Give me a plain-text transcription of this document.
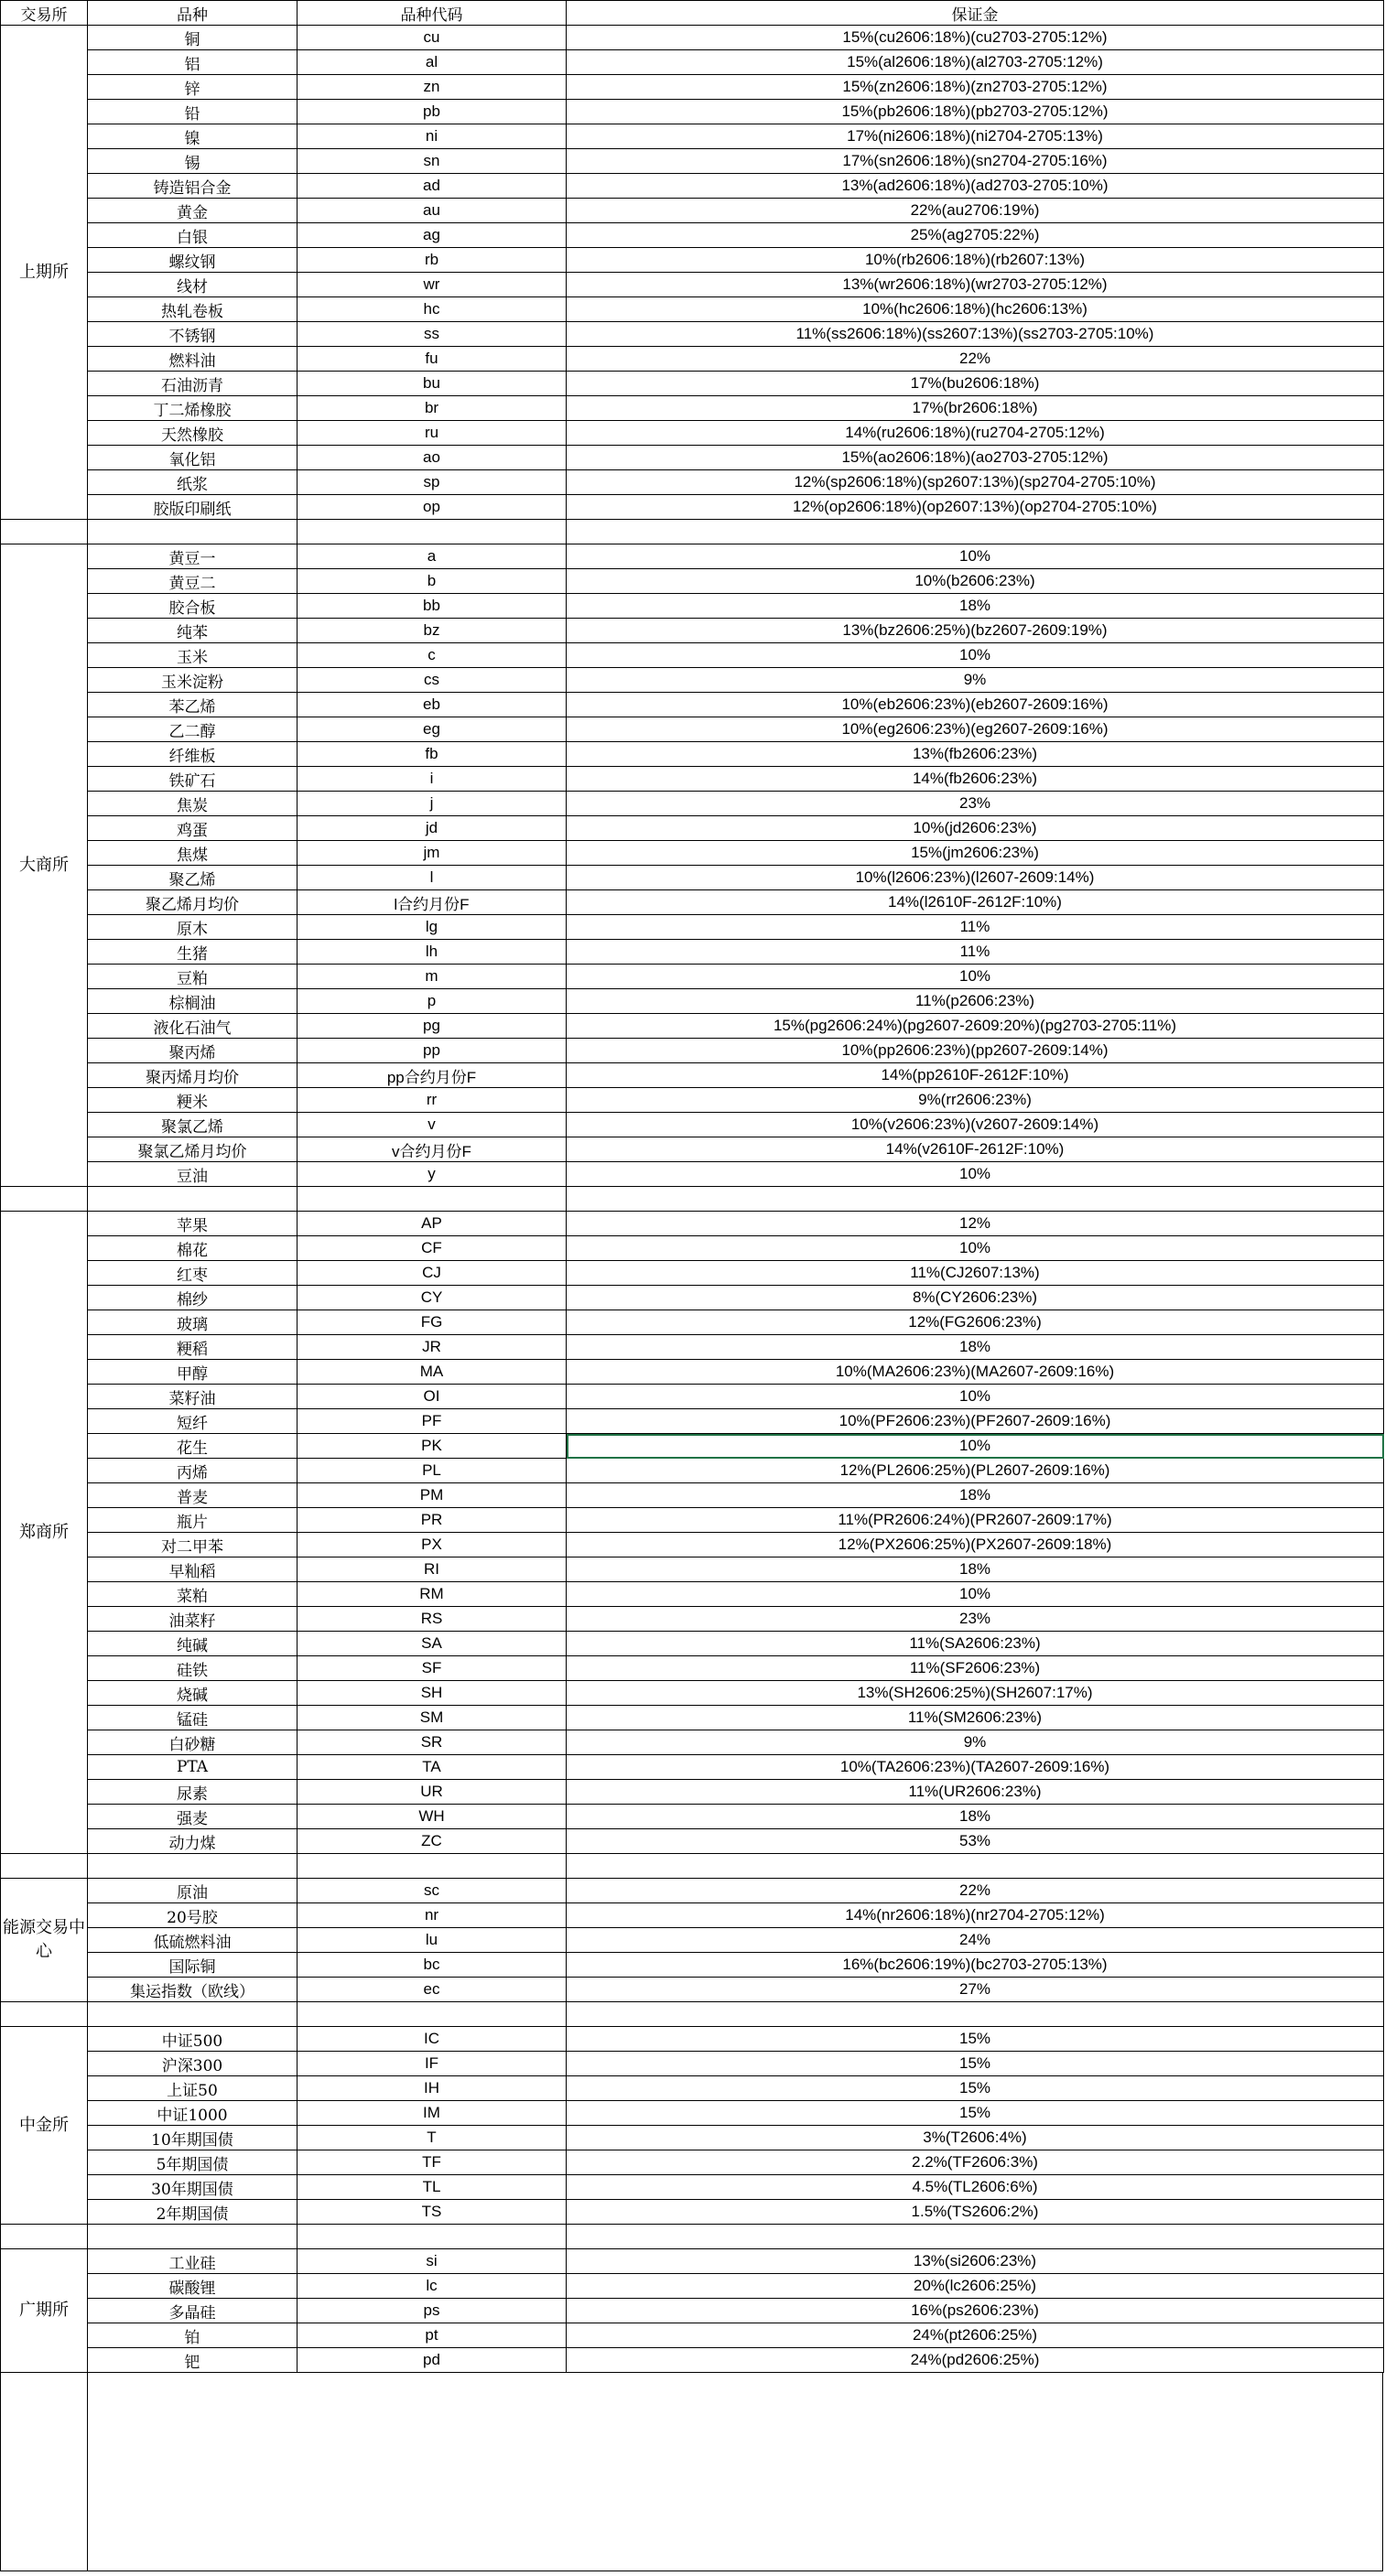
交易所	品种	品种代码	保证金
上期所	铜	cu	15%(cu2606:18%)(cu2703-2705:12%)
	铝	al	15%(al2606:18%)(al2703-2705:12%)
	锌	zn	15%(zn2606:18%)(zn2703-2705:12%)
	铅	pb	15%(pb2606:18%)(pb2703-2705:12%)
	镍	ni	17%(ni2606:18%)(ni2704-2705:13%)
	锡	sn	17%(sn2606:18%)(sn2704-2705:16%)
	铸造铝合金	ad	13%(ad2606:18%)(ad2703-2705:10%)
	黄金	au	22%(au2706:19%)
	白银	ag	25%(ag2705:22%)
	螺纹钢	rb	10%(rb2606:18%)(rb2607:13%)
	线材	wr	13%(wr2606:18%)(wr2703-2705:12%)
	热轧卷板	hc	10%(hc2606:18%)(hc2606:13%)
	不锈钢	ss	11%(ss2606:18%)(ss2607:13%)(ss2703-2705:10%)
	燃料油	fu	22%
	石油沥青	bu	17%(bu2606:18%)
	丁二烯橡胶	br	17%(br2606:18%)
	天然橡胶	ru	14%(ru2606:18%)(ru2704-2705:12%)
	氧化铝	ao	15%(ao2606:18%)(ao2703-2705:12%)
	纸浆	sp	12%(sp2606:18%)(sp2607:13%)(sp2704-2705:10%)
	胶版印刷纸	op	12%(op2606:18%)(op2607:13%)(op2704-2705:10%)

大商所	黄豆一	a	10%
	黄豆二	b	10%(b2606:23%)
	胶合板	bb	18%
	纯苯	bz	13%(bz2606:25%)(bz2607-2609:19%)
	玉米	c	10%
	玉米淀粉	cs	9%
	苯乙烯	eb	10%(eb2606:23%)(eb2607-2609:16%)
	乙二醇	eg	10%(eg2606:23%)(eg2607-2609:16%)
	纤维板	fb	13%(fb2606:23%)
	铁矿石	i	14%(fb2606:23%)
	焦炭	j	23%
	鸡蛋	jd	10%(jd2606:23%)
	焦煤	jm	15%(jm2606:23%)
	聚乙烯	l	10%(l2606:23%)(l2607-2609:14%)
	聚乙烯月均价	l合约月份F	14%(l2610F-2612F:10%)
	原木	lg	11%
	生猪	lh	11%
	豆粕	m	10%
	棕榈油	p	11%(p2606:23%)
	液化石油气	pg	15%(pg2606:24%)(pg2607-2609:20%)(pg2703-2705:11%)
	聚丙烯	pp	10%(pp2606:23%)(pp2607-2609:14%)
	聚丙烯月均价	pp合约月份F	14%(pp2610F-2612F:10%)
	粳米	rr	9%(rr2606:23%)
	聚氯乙烯	v	10%(v2606:23%)(v2607-2609:14%)
	聚氯乙烯月均价	v合约月份F	14%(v2610F-2612F:10%)
	豆油	y	10%

郑商所	苹果	AP	12%
	棉花	CF	10%
	红枣	CJ	11%(CJ2607:13%)
	棉纱	CY	8%(CY2606:23%)
	玻璃	FG	12%(FG2606:23%)
	粳稻	JR	18%
	甲醇	MA	10%(MA2606:23%)(MA2607-2609:16%)
	菜籽油	OI	10%
	短纤	PF	10%(PF2606:23%)(PF2607-2609:16%)
	花生	PK	10%
	丙烯	PL	12%(PL2606:25%)(PL2607-2609:16%)
	普麦	PM	18%
	瓶片	PR	11%(PR2606:24%)(PR2607-2609:17%)
	对二甲苯	PX	12%(PX2606:25%)(PX2607-2609:18%)
	早籼稻	RI	18%
	菜粕	RM	10%
	油菜籽	RS	23%
	纯碱	SA	11%(SA2606:23%)
	硅铁	SF	11%(SF2606:23%)
	烧碱	SH	13%(SH2606:25%)(SH2607:17%)
	锰硅	SM	11%(SM2606:23%)
	白砂糖	SR	9%
	PTA	TA	10%(TA2606:23%)(TA2607-2609:16%)
	尿素	UR	11%(UR2606:23%)
	强麦	WH	18%
	动力煤	ZC	53%

能源交易中心	原油	sc	22%
	20号胶	nr	14%(nr2606:18%)(nr2704-2705:12%)
	低硫燃料油	lu	24%
	国际铜	bc	16%(bc2606:19%)(bc2703-2705:13%)
	集运指数（欧线）	ec	27%

中金所	中证500	IC	15%
	沪深300	IF	15%
	上证50	IH	15%
	中证1000	IM	15%
	10年期国债	T	3%(T2606:4%)
	5年期国债	TF	2.2%(TF2606:3%)
	30年期国债	TL	4.5%(TL2606:6%)
	2年期国债	TS	1.5%(TS2606:2%)

广期所	工业硅	si	13%(si2606:23%)
	碳酸锂	lc	20%(lc2606:25%)
	多晶硅	ps	16%(ps2606:23%)
	铂	pt	24%(pt2606:25%)
	钯	pd	24%(pd2606:25%)
